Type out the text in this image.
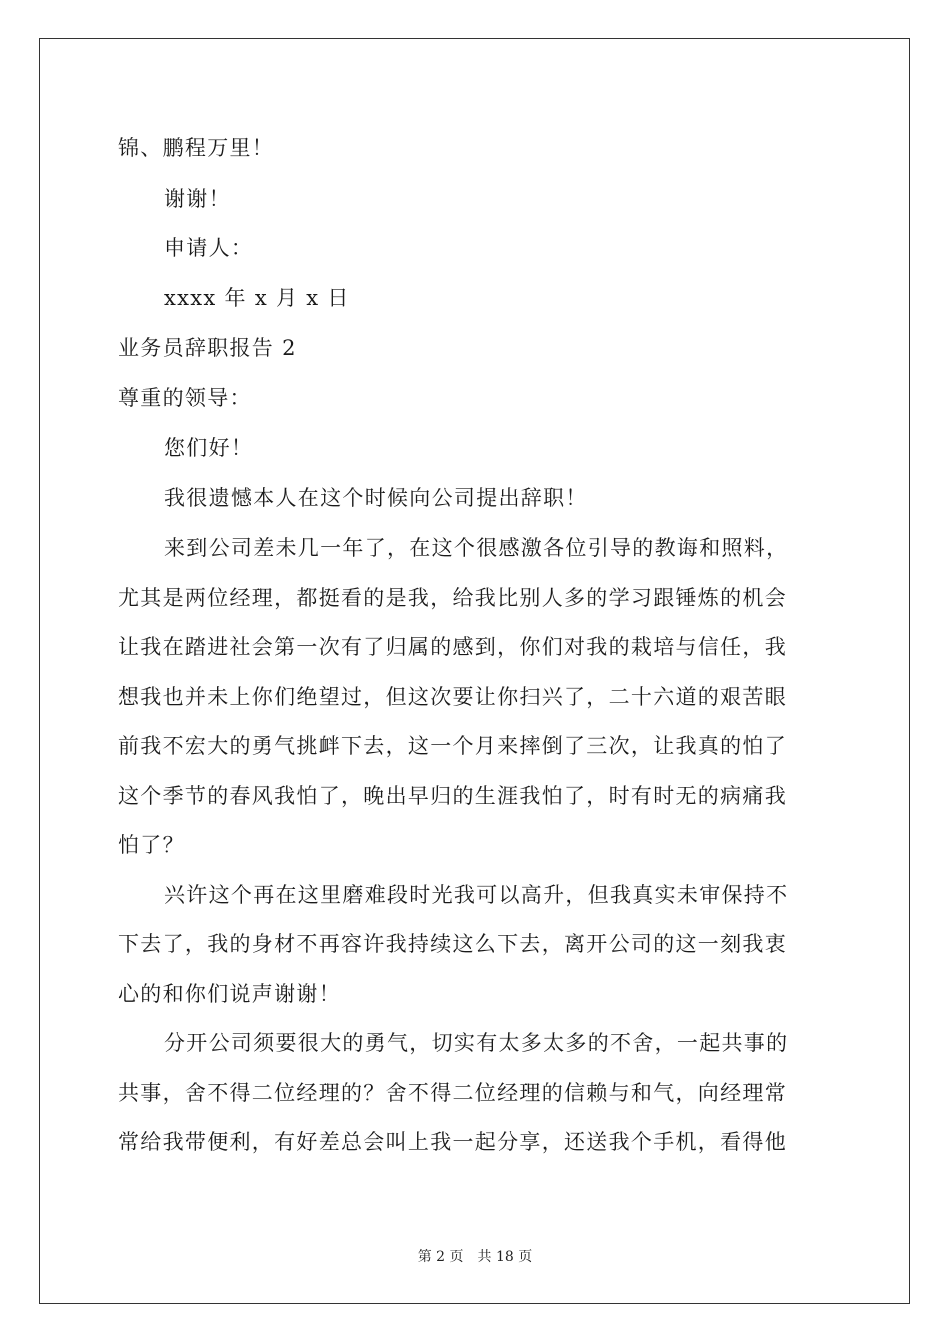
锦、鹏程万里！
谢谢！
申请人：
xxxx 年 x 月 x 日
业务员辞职报告 2
尊重的领导：
您们好！
我很遗憾本人在这个时候向公司提出辞职！
来到公司差未几一年了，在这个很感激各位引导的教诲和照料，
尤其是两位经理，都挺看的是我，给我比别人多的学习跟锤炼的机会
让我在踏进社会第一次有了归属的感到，你们对我的栽培与信任，我
想我也并未上你们绝望过，但这次要让你扫兴了，二十六道的艰苦眼
前我不宏大的勇气挑衅下去，这一个月来摔倒了三次，让我真的怕了
这个季节的春风我怕了，晚出早归的生涯我怕了，时有时无的病痛我
怕了？
兴许这个再在这里磨难段时光我可以高升，但我真实未审保持不
下去了，我的身材不再容许我持续这么下去，离开公司的这一刻我衷
心的和你们说声谢谢！
分开公司须要很大的勇气，切实有太多太多的不舍，一起共事的
共事，舍不得二位经理的？舍不得二位经理的信赖与和气，向经理常
常给我带便利，有好差总会叫上我一起分享，还送我个手机，看得他
第 2 页 共 18 页
